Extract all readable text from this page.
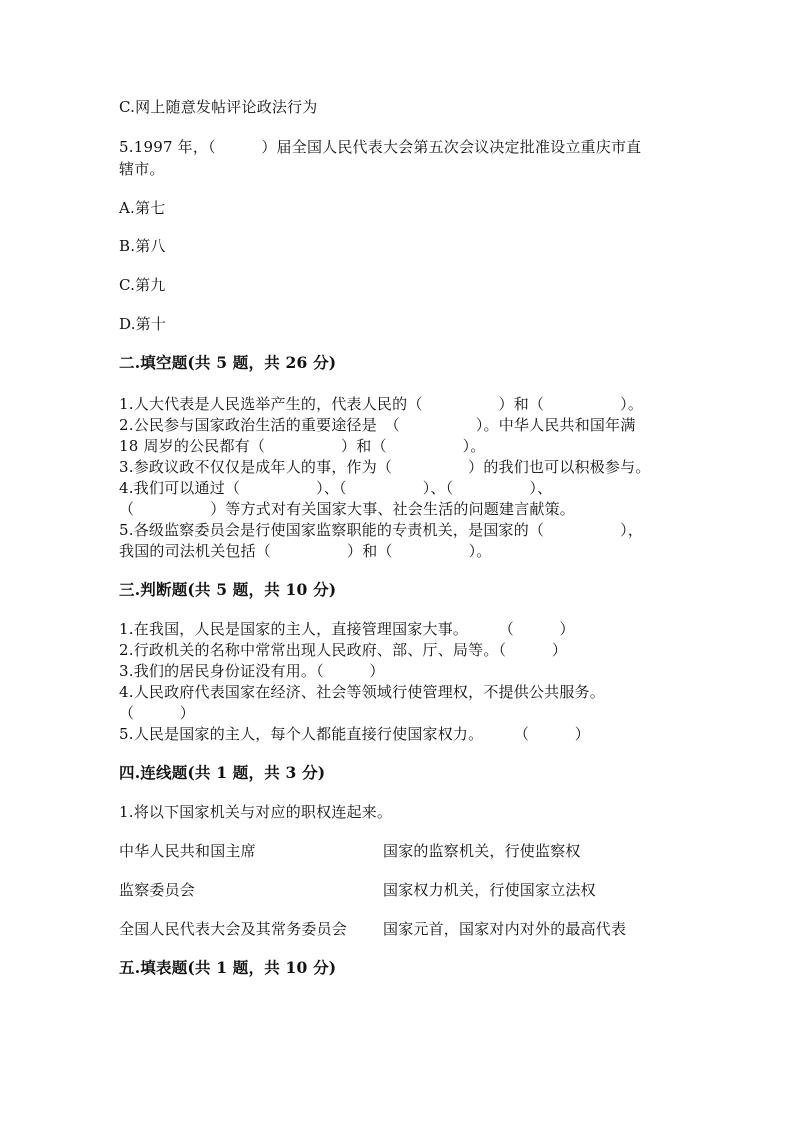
C.网上随意发帖评论政法行为
5.1997 年，（　　　）届全国人民代表大会第五次会议决定批准设立重庆市直
辖市。
A.第七
B.第八
C.第九
D.第十
二.填空题(共 5 题，共 26 分)
1.人大代表是人民选举产生的，代表人民的（　　　　　）和（　　　　　）。
2.公民参与国家政治生活的重要途径是　（　　　　　）。中华人民共和国年满
18 周岁的公民都有（　　　　　）和（　　　　　）。
3.参政议政不仅仅是成年人的事，作为（　　　　　）的我们也可以积极参与。
4.我们可以通过（　　　　　）、（　　　　　）、（　　　　　）、
（　　　　　）等方式对有关国家大事、社会生活的问题建言献策。
5.各级监察委员会是行使国家监察职能的专责机关，是国家的（　　　　　），
我国的司法机关包括（　　　　　）和（　　　　　）。
三.判断题(共 5 题，共 10 分)
1.在我国，人民是国家的主人，直接管理国家大事。　　　（　　　）
2.行政机关的名称中常常出现人民政府、部、厅、局等。（　　　）
3.我们的居民身份证没有用。（　　　）
4.人民政府代表国家在经济、社会等领域行使管理权，不提供公共服务。
（　　　）
5.人民是国家的主人，每个人都能直接行使国家权力。　　　（　　　）
四.连线题(共 1 题，共 3 分)
1.将以下国家机关与对应的职权连起来。
中华人民共和国主席	国家的监察机关，行使监察权
监察委员会	国家权力机关，行使国家立法权
全国人民代表大会及其常务委员会 国家元首，国家对内对外的最高代表
五.填表题(共 1 题，共 10 分)
